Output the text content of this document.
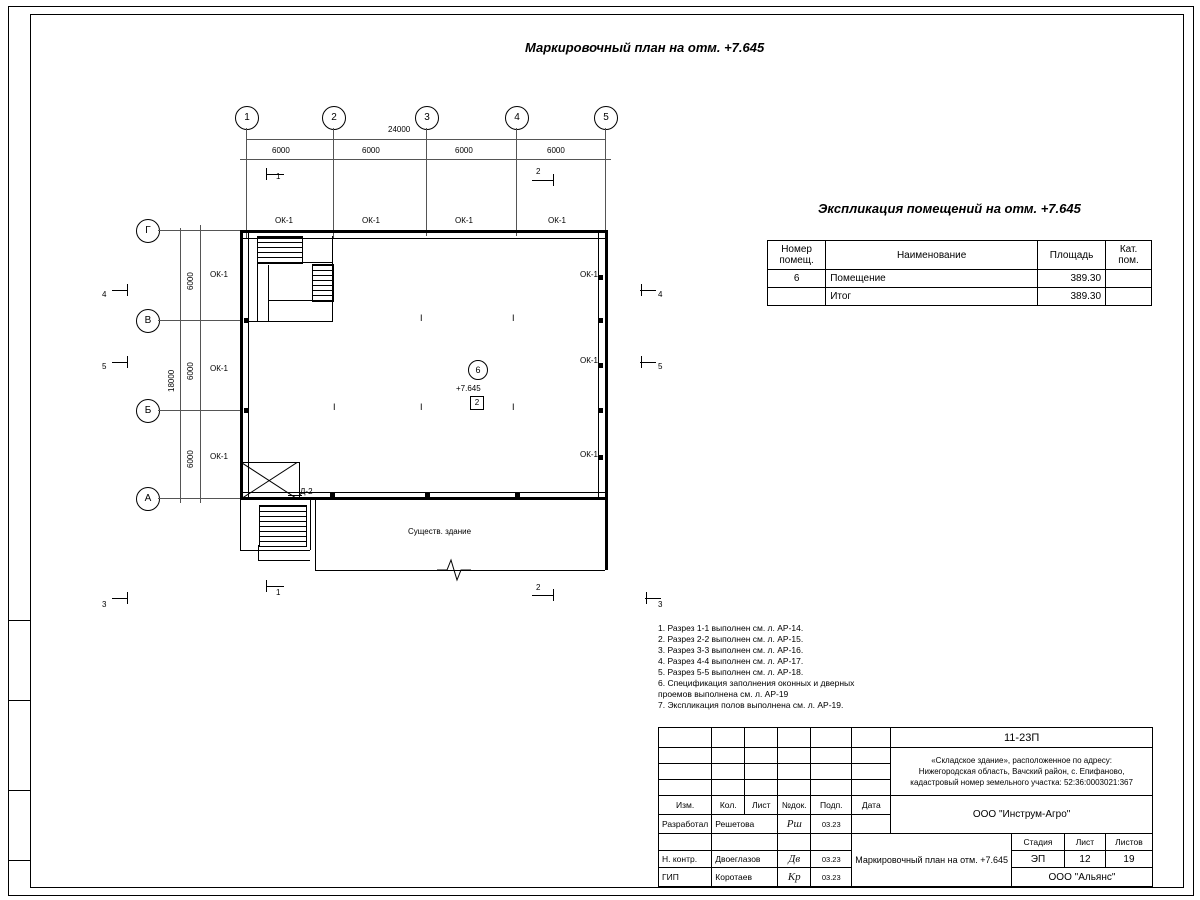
Маркировочный план на отм. +7.645
1	2	3	4	5
24000
6000	6000	6000	6000
1
2
Г
В
Б
А
6000
6000
6000
18000
I	I
I	I	I
Д-2
ОК-1	ОК-1	ОК-1	ОК-1
ОК-1
ОК-1
ОК-1
ОК-1
ОК-1
ОК-1
6
+7.645
2
Существ. здание
4
5
4
5
3	3
1
2
Экспликация помещений на отм. +7.645
Номер помещ.	Наименование	Площадь	Кат. пом.
6	Помещение	389.30	
	Итог	389.30	
1. Разрез 1-1 выполнен см. л. АР-14.
2. Разрез 2-2 выполнен см. л. АР-15.
3. Разрез 3-3 выполнен см. л. АР-16.
4. Разрез 4-4 выполнен см. л. АР-17.
5. Разрез 5-5 выполнен см. л. АР-18.
6. Спецификация заполнения оконных и дверных
проемов выполнена см. л. АР-19
7. Экспликация полов выполнена см. л. АР-19.
						11-23П			

						«Складское здание», расположенное по адресу:
Нижегородская область, Вачский район, с. Епифаново,
кадастровый номер земельного участка: 52:36:0003021:367			

Изм.	Кол.	Лист	№док.	Подп.	Дата	ООО "Инструм-Агро"			
Разработал	Решетова		Рш	03.23					
					Маркировочный план на отм. +7.645		Стадия	Лист	Листов
Н. контр.	Двоеглазов		Дв	03.23			ЭП	12	19
ГИП	Коротаев		Кр	03.23			ООО "Альянс"		
